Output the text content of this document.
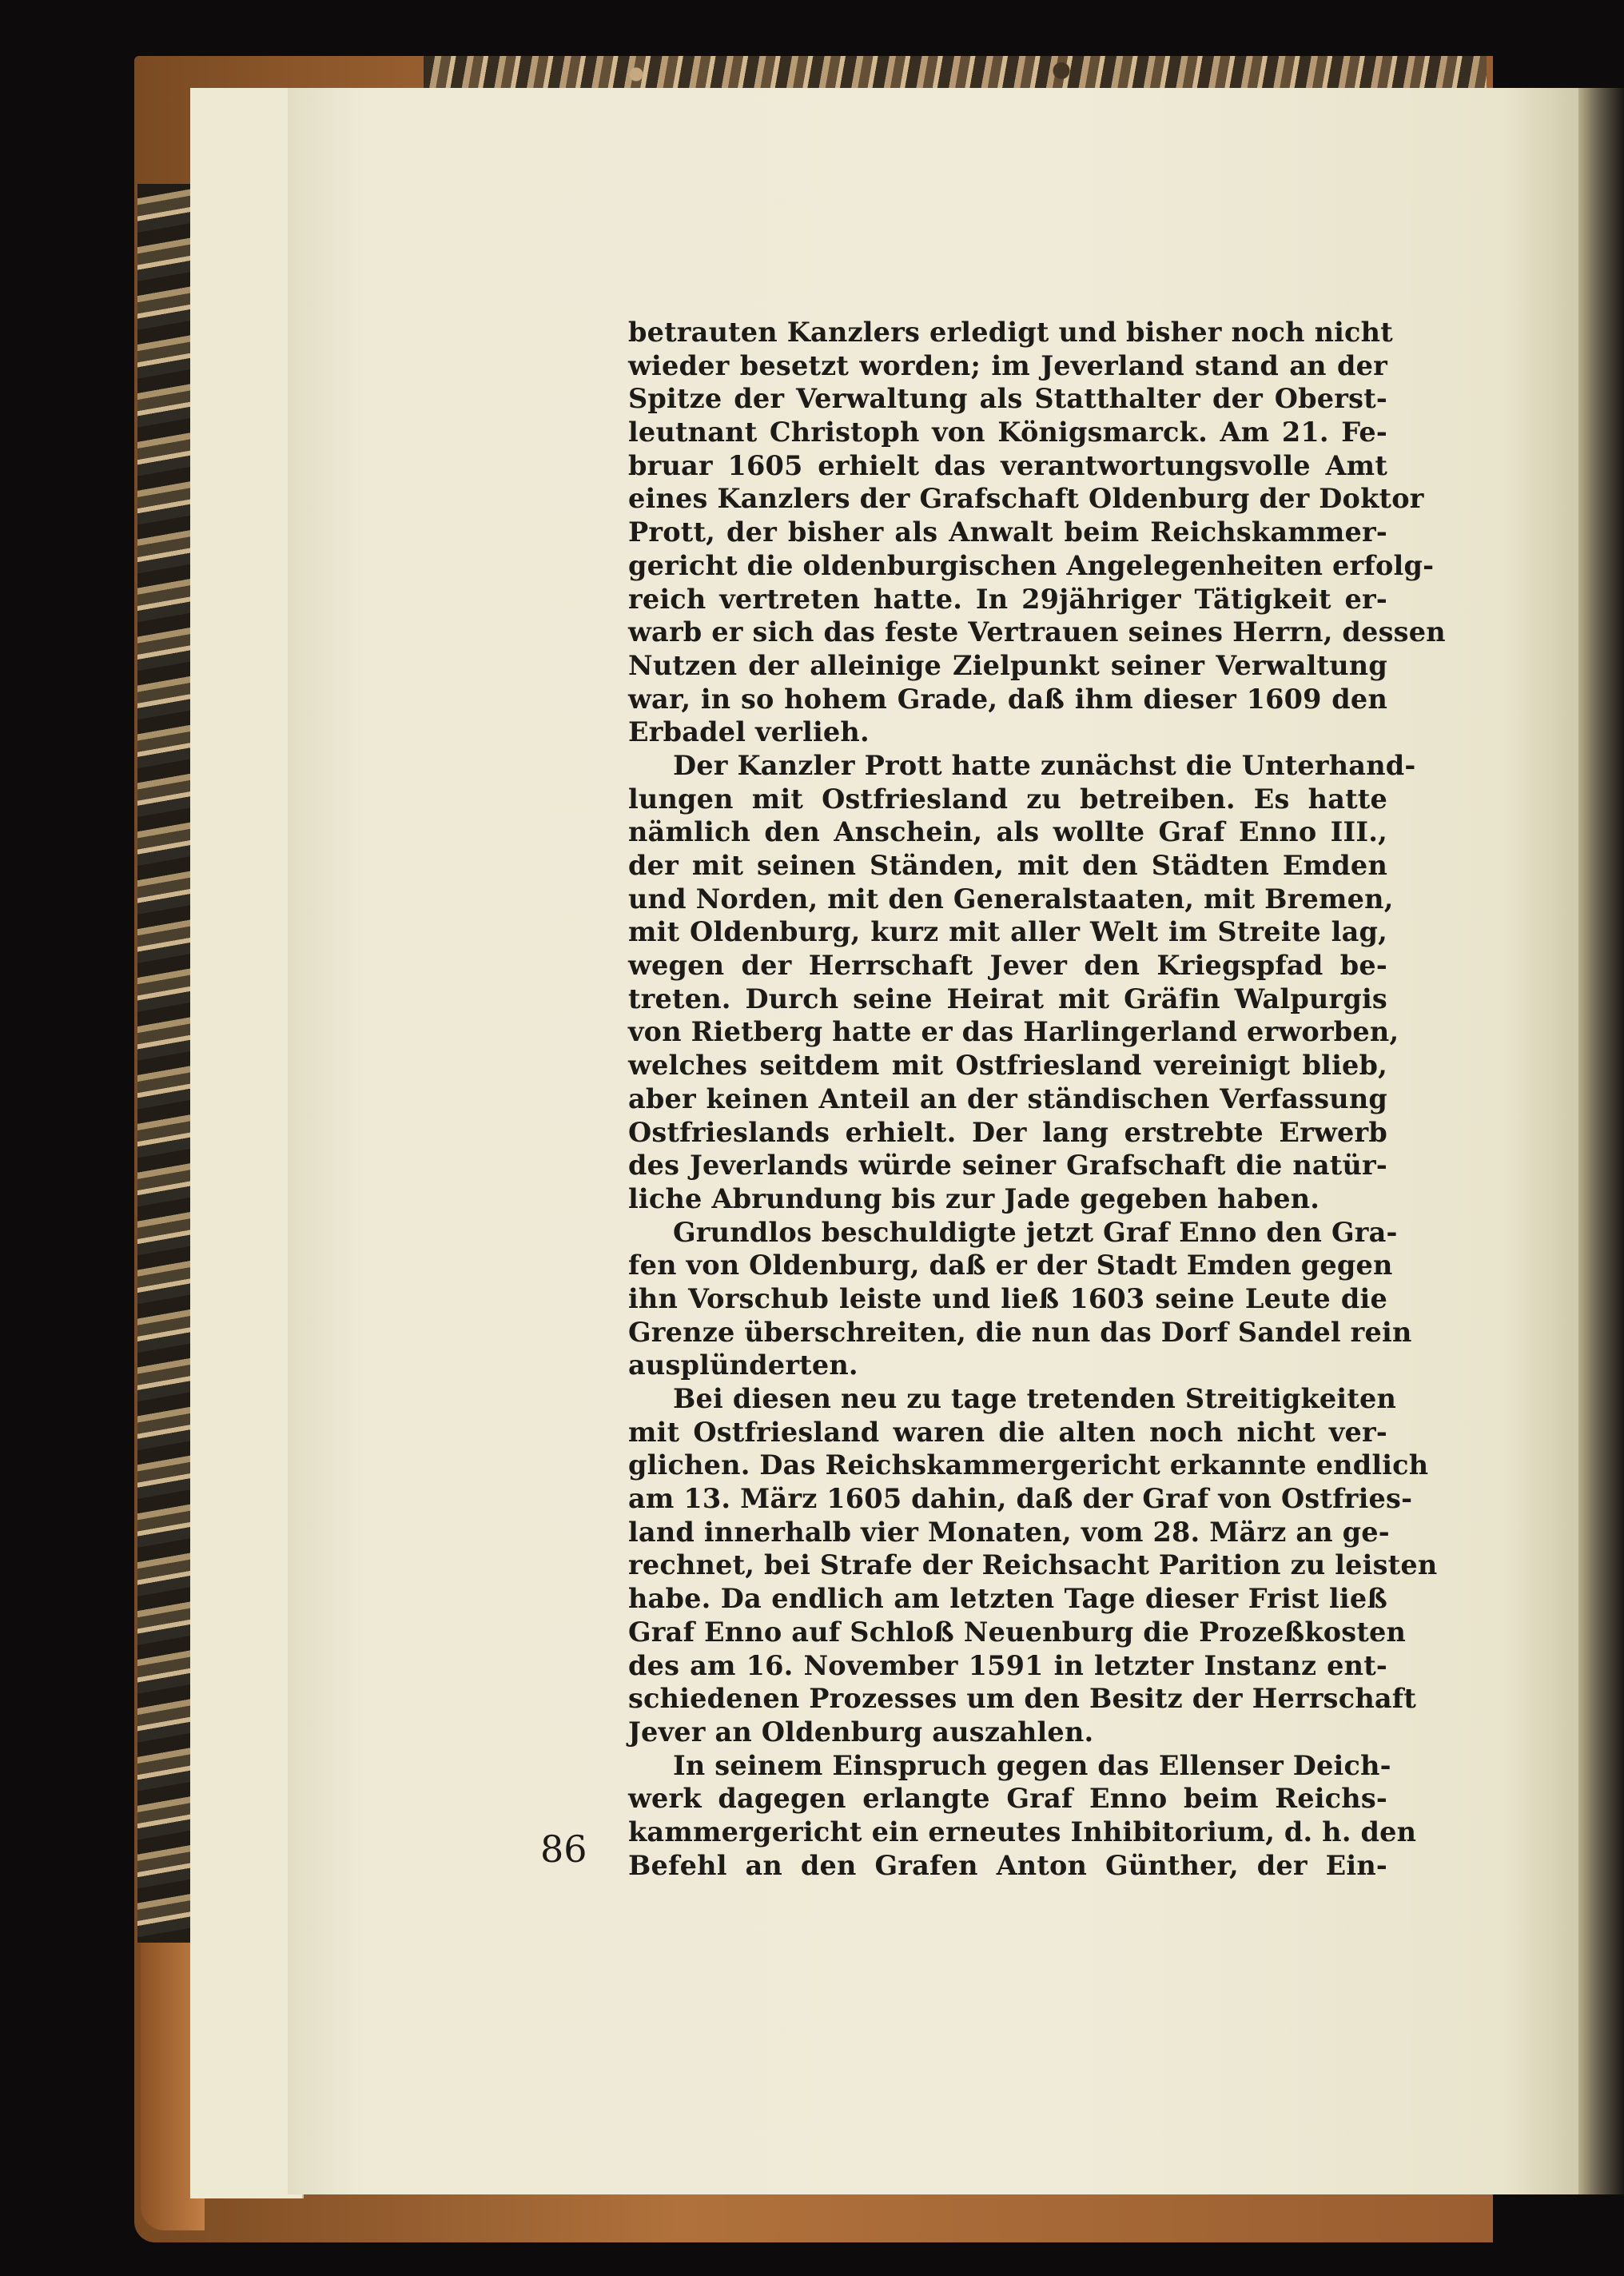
betrauten Kanzlers erledigt und bisher noch nicht
wieder besetzt worden; im Jeverland stand an der
Spitze der Verwaltung als Statthalter der Oberst-
leutnant Christoph von Königsmarck. Am 21. Fe-
bruar 1605 erhielt das verantwortungsvolle Amt
eines Kanzlers der Grafschaft Oldenburg der Doktor
Prott, der bisher als Anwalt beim Reichskammer-
gericht die oldenburgischen Angelegenheiten erfolg-
reich vertreten hatte. In 29jähriger Tätigkeit er-
warb er sich das feste Vertrauen seines Herrn, dessen
Nutzen der alleinige Zielpunkt seiner Verwaltung
war, in so hohem Grade, daß ihm dieser 1609 den
Erbadel verlieh.
Der Kanzler Prott hatte zunächst die Unterhand-
lungen mit Ostfriesland zu betreiben. Es hatte
nämlich den Anschein, als wollte Graf Enno III.,
der mit seinen Ständen, mit den Städten Emden
und Norden, mit den Generalstaaten, mit Bremen,
mit Oldenburg, kurz mit aller Welt im Streite lag,
wegen der Herrschaft Jever den Kriegspfad be-
treten. Durch seine Heirat mit Gräfin Walpurgis
von Rietberg hatte er das Harlingerland erworben,
welches seitdem mit Ostfriesland vereinigt blieb,
aber keinen Anteil an der ständischen Verfassung
Ostfrieslands erhielt. Der lang erstrebte Erwerb
des Jeverlands würde seiner Grafschaft die natür-
liche Abrundung bis zur Jade gegeben haben.
Grundlos beschuldigte jetzt Graf Enno den Gra-
fen von Oldenburg, daß er der Stadt Emden gegen
ihn Vorschub leiste und ließ 1603 seine Leute die
Grenze überschreiten, die nun das Dorf Sandel rein
ausplünderten.
Bei diesen neu zu tage tretenden Streitigkeiten
mit Ostfriesland waren die alten noch nicht ver-
glichen. Das Reichskammergericht erkannte endlich
am 13. März 1605 dahin, daß der Graf von Ostfries-
land innerhalb vier Monaten, vom 28. März an ge-
rechnet, bei Strafe der Reichsacht Parition zu leisten
habe. Da endlich am letzten Tage dieser Frist ließ
Graf Enno auf Schloß Neuenburg die Prozeßkosten
des am 16. November 1591 in letzter Instanz ent-
schiedenen Prozesses um den Besitz der Herrschaft
Jever an Oldenburg auszahlen.
In seinem Einspruch gegen das Ellenser Deich-
werk dagegen erlangte Graf Enno beim Reichs-
kammergericht ein erneutes Inhibitorium, d. h. den
Befehl an den Grafen Anton Günther, der Ein-
86
